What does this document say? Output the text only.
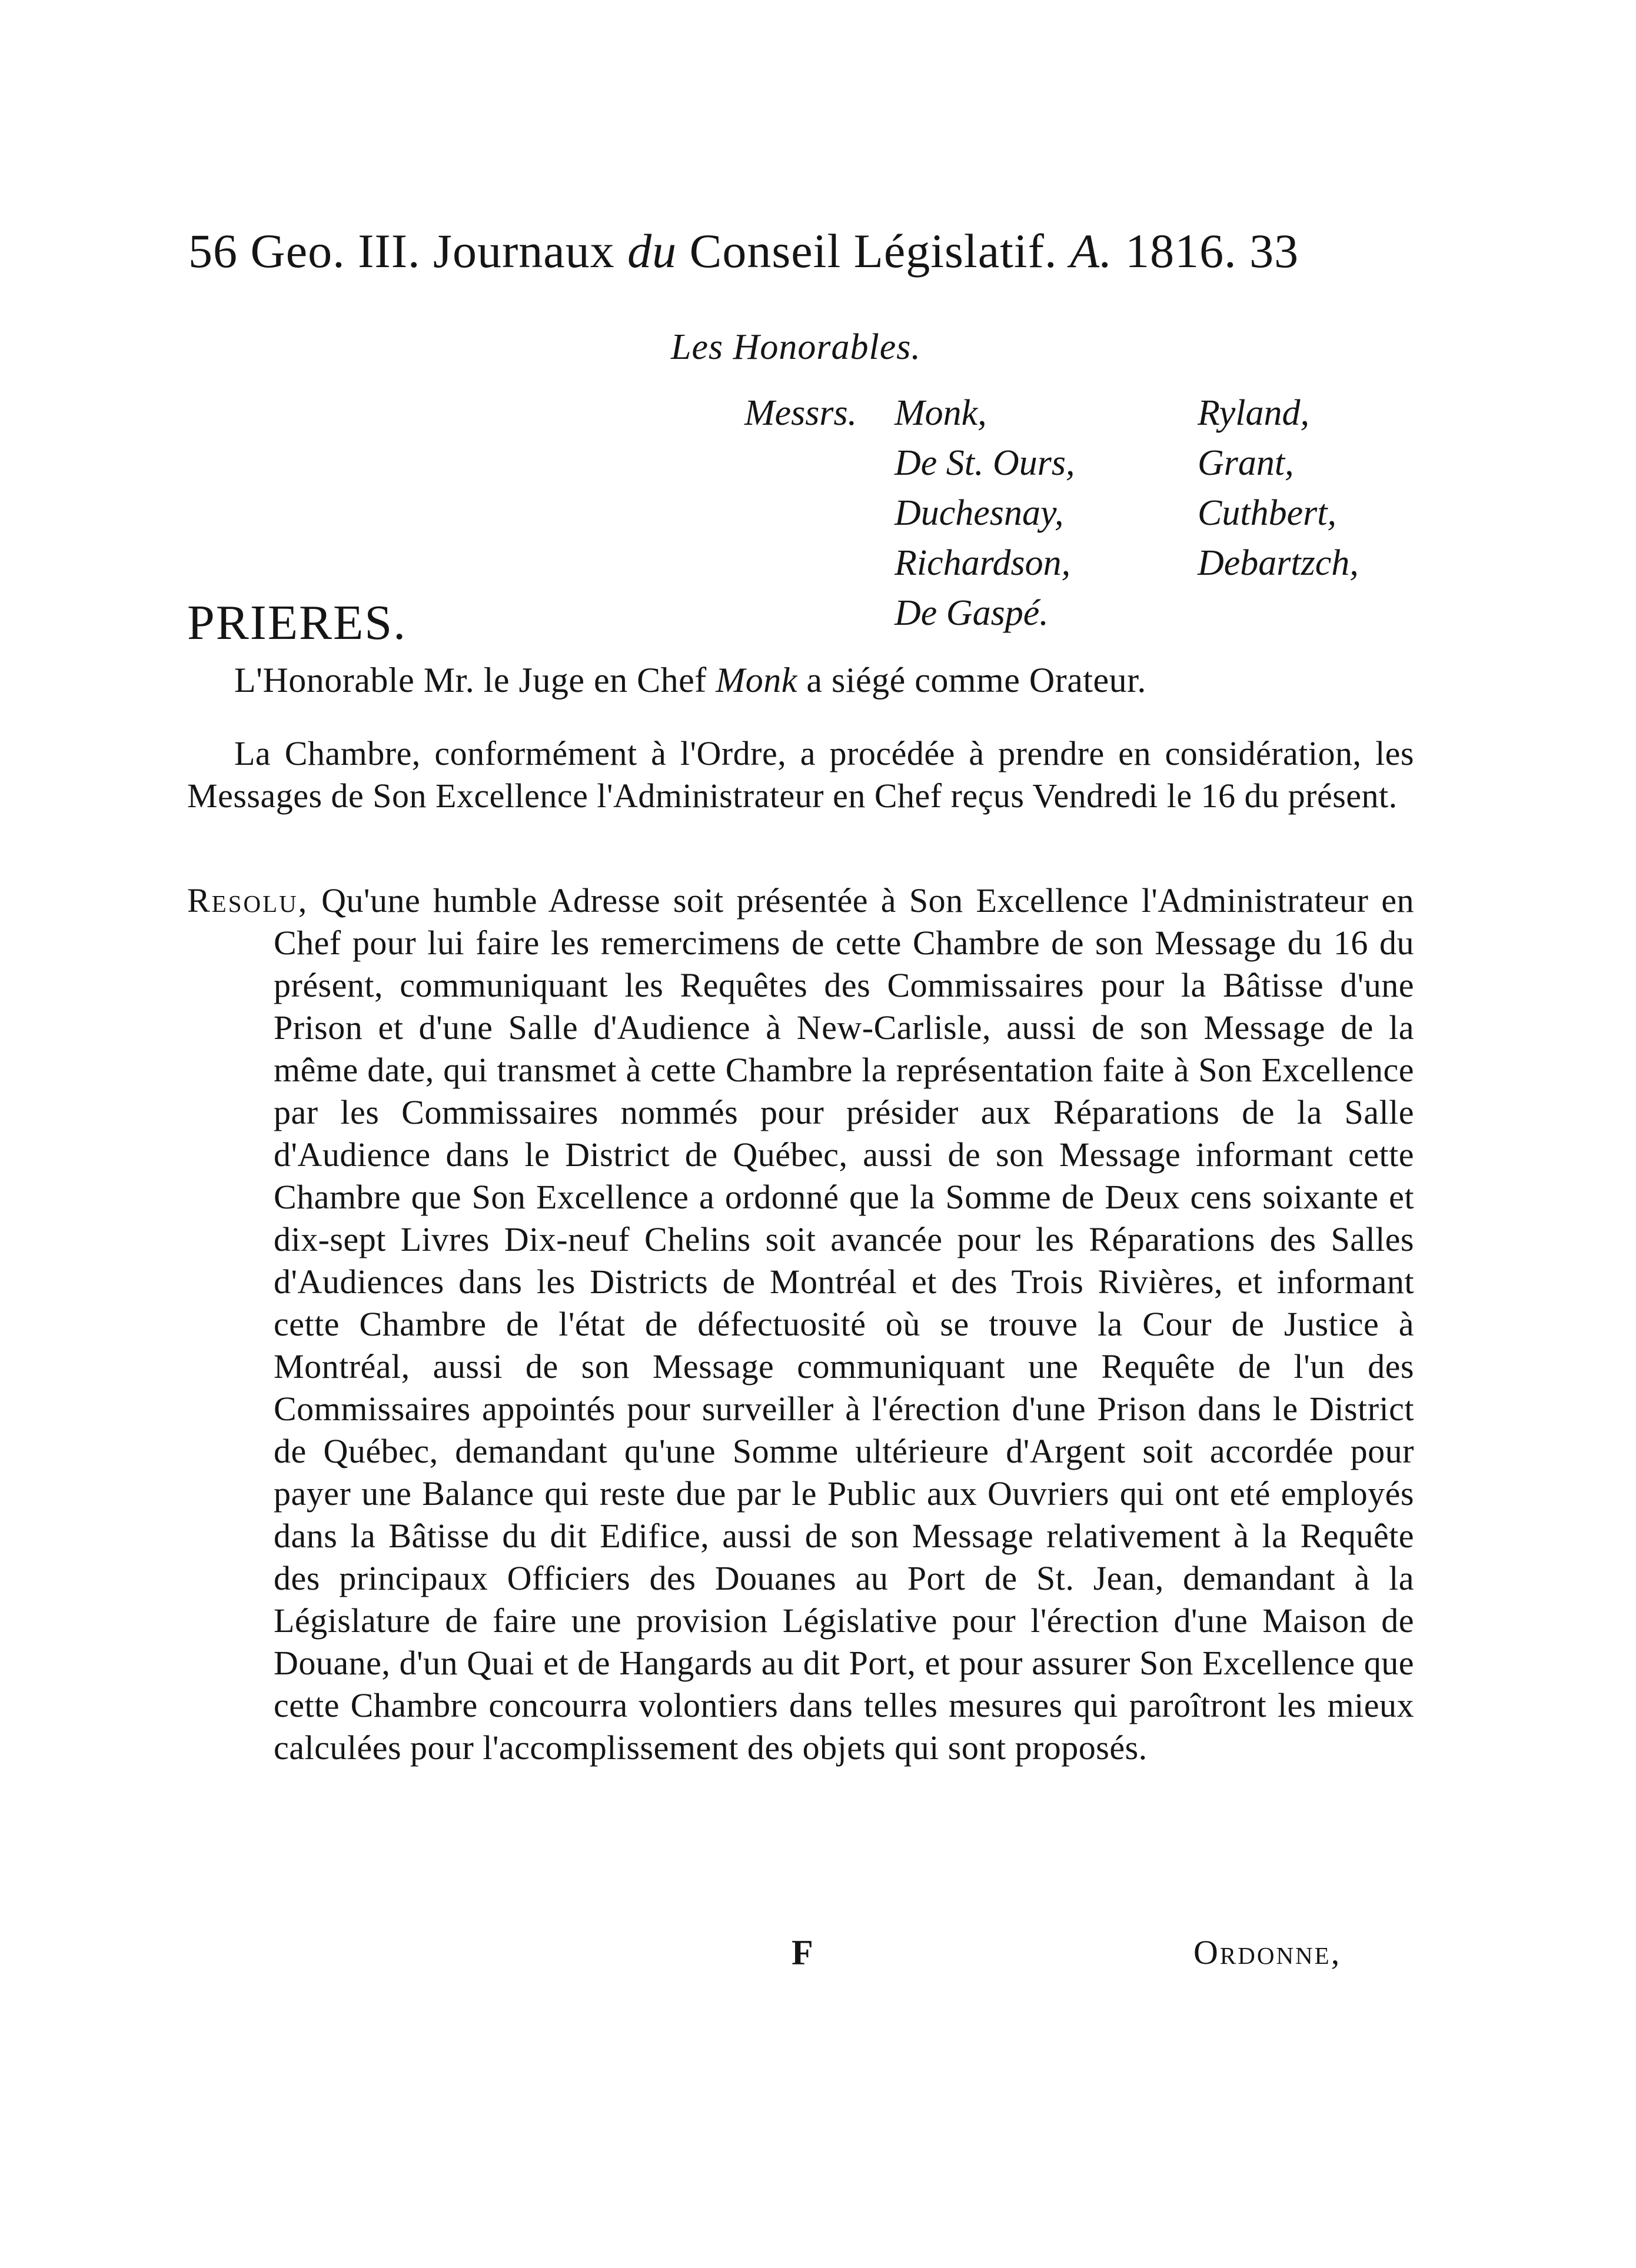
56 Geo. III. Journaux du Conseil Législatif. A. 1816. 33
Les Honorables.
Messrs. Monk,
De St. Ours,
Duchesnay,
Richardson,
De Gaspé.
Ryland,
Grant,
Cuthbert,
Debartzch,
PRIERES.
L'Honorable Mr. le Juge en Chef Monk a siégé comme Orateur.
La Chambre, conformément à l'Ordre, a procédée à prendre en considération, les Messages de Son Excellence l'Administrateur en Chef reçus Vendredi le 16 du présent.
Resolu, Qu'une humble Adresse soit présentée à Son Excellence l'Administrateur en Chef pour lui faire les remercimens de cette Chambre de son Message du 16 du présent, communiquant les Requêtes des Commissaires pour la Bâtisse d'une Prison et d'une Salle d'Audience à New-Carlisle, aussi de son Message de la même date, qui transmet à cette Chambre la représentation faite à Son Excellence par les Commissaires nommés pour présider aux Réparations de la Salle d'Audience dans le District de Québec, aussi de son Message informant cette Chambre que Son Excellence a ordonné que la Somme de Deux cens soixante et dix-sept Livres Dix-neuf Chelins soit avancée pour les Réparations des Salles d'Audiences dans les Districts de Montréal et des Trois Rivières, et informant cette Chambre de l'état de défectuosité où se trouve la Cour de Justice à Montréal, aussi de son Message communiquant une Requête de l'un des Commissaires appointés pour surveiller à l'érection d'une Prison dans le District de Québec, demandant qu'une Somme ultérieure d'Argent soit accordée pour payer une Balance qui reste due par le Public aux Ouvriers qui ont eté employés dans la Bâtisse du dit Edifice, aussi de son Message relativement à la Requête des principaux Officiers des Douanes au Port de St. Jean, demandant à la Législature de faire une provision Législative pour l'érection d'une Maison de Douane, d'un Quai et de Hangards au dit Port, et pour assurer Son Excellence que cette Chambre concourra volontiers dans telles mesures qui paroîtront les mieux calculées pour l'accomplissement des objets qui sont proposés.
F	Ordonne,
